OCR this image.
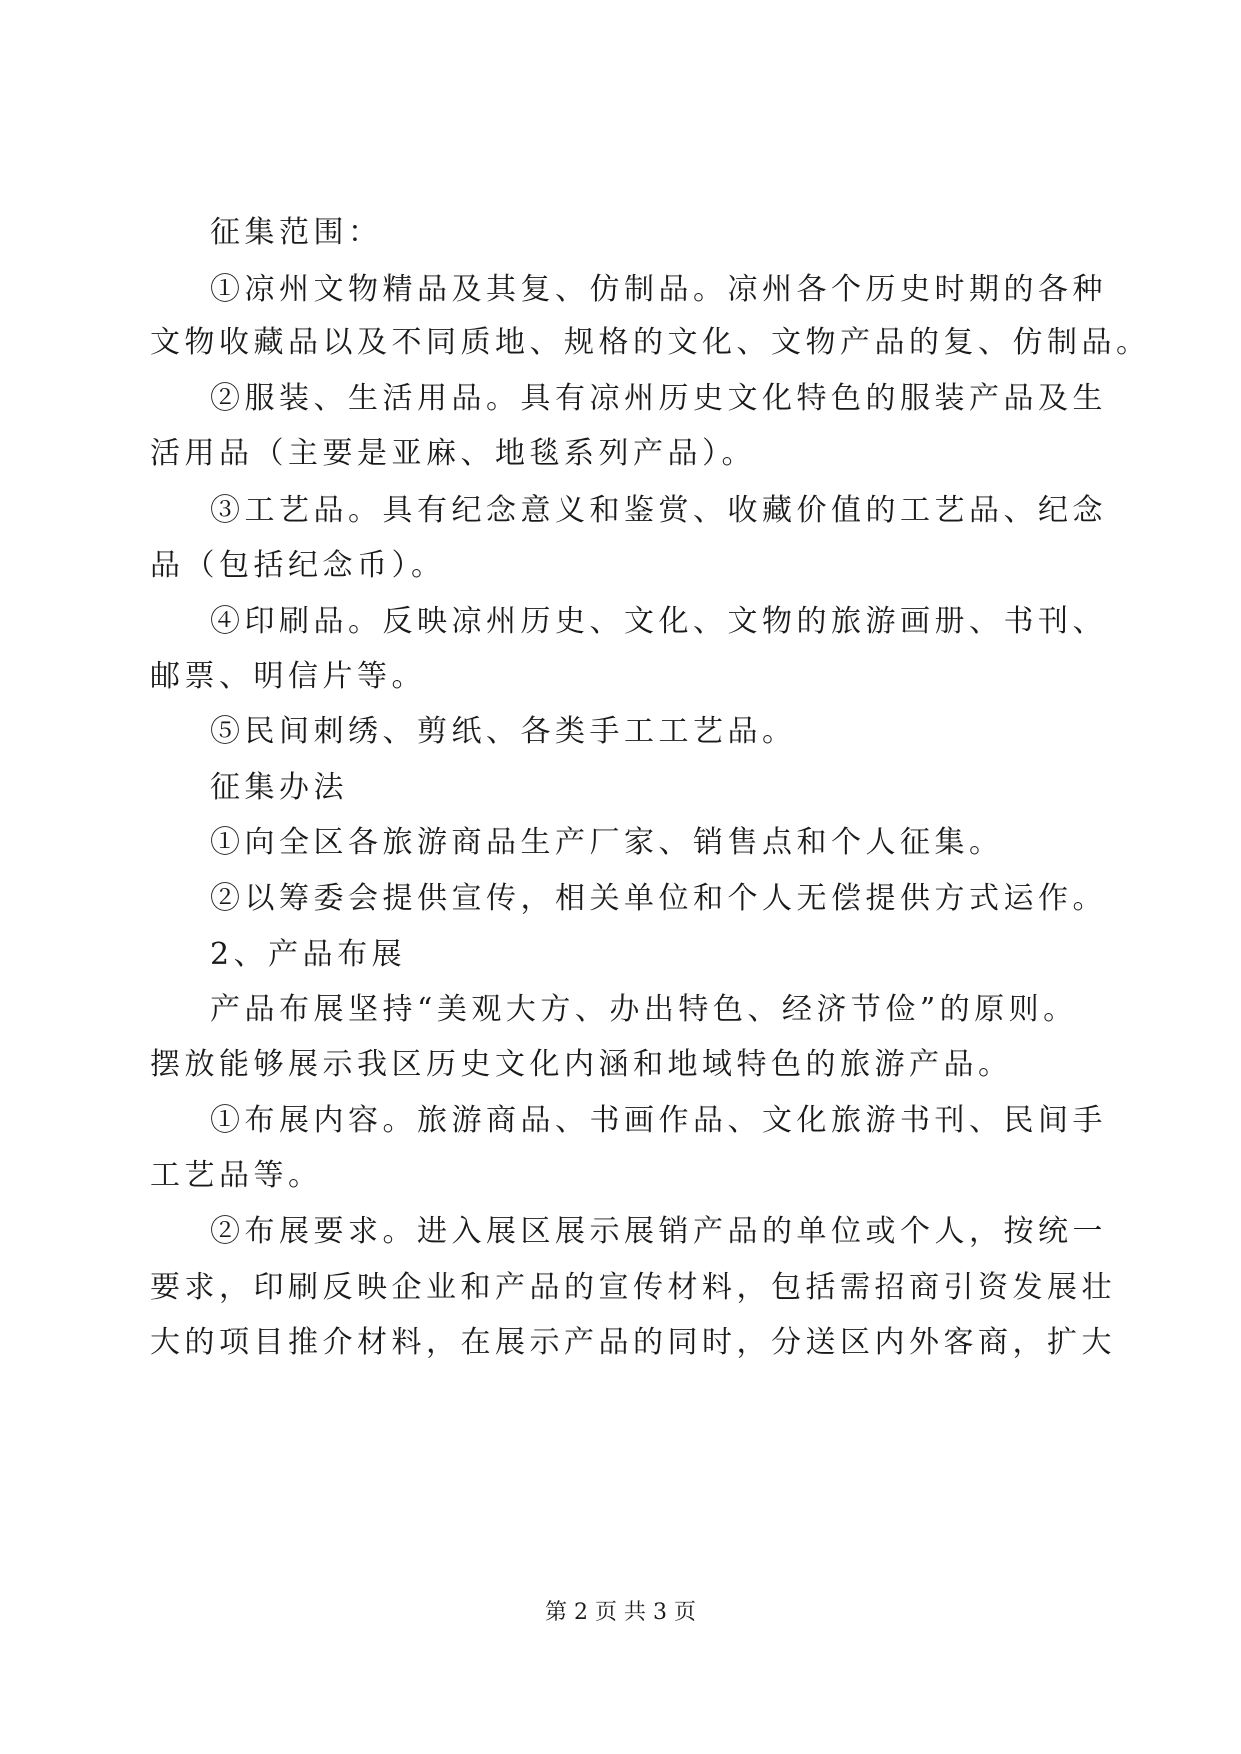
征集范围：
①凉州文物精品及其复、仿制品。凉州各个历史时期的各种
文物收藏品以及不同质地、规格的文化、文物产品的复、仿制品。
②服装、生活用品。具有凉州历史文化特色的服装产品及生
活用品（主要是亚麻、地毯系列产品）。
③工艺品。具有纪念意义和鉴赏、收藏价值的工艺品、纪念
品（包括纪念币）。
④印刷品。反映凉州历史、文化、文物的旅游画册、书刊、
邮票、明信片等。
⑤民间刺绣、剪纸、各类手工工艺品。
征集办法
①向全区各旅游商品生产厂家、销售点和个人征集。
②以筹委会提供宣传，相关单位和个人无偿提供方式运作。
2、产品布展
产品布展坚持“美观大方、办出特色、经济节俭”的原则。
摆放能够展示我区历史文化内涵和地域特色的旅游产品。
①布展内容。旅游商品、书画作品、文化旅游书刊、民间手
工艺品等。
②布展要求。进入展区展示展销产品的单位或个人，按统一
要求，印刷反映企业和产品的宣传材料，包括需招商引资发展壮
大的项目推介材料，在展示产品的同时，分送区内外客商，扩大
第 2 页 共 3 页
